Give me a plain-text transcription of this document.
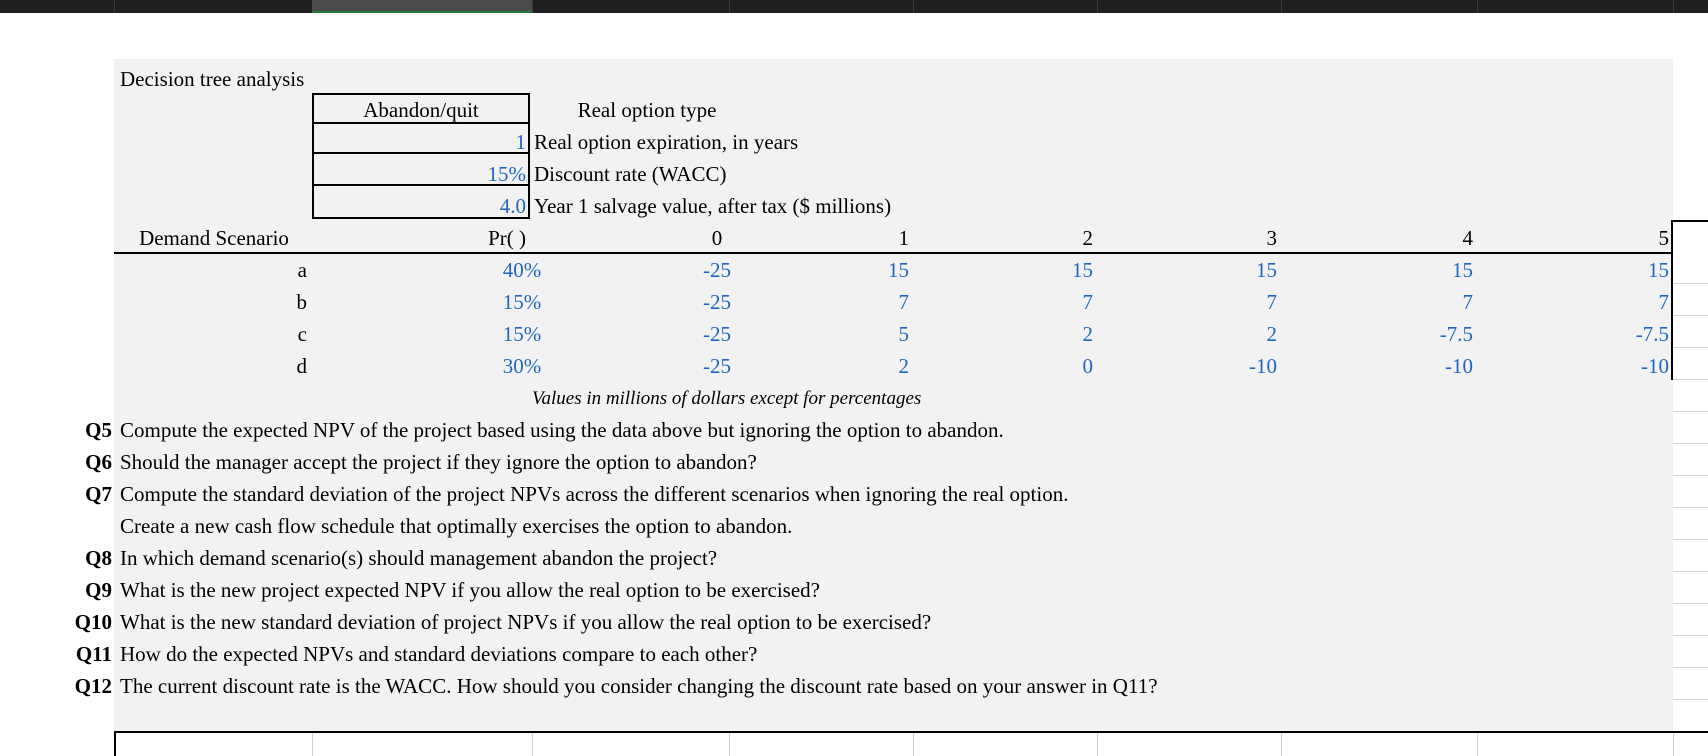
Decision tree analysis
Abandon/quit	Real option type
1 Real option expiration, in years
15% Discount rate (WACC)
4.0 Year 1 salvage value, after tax ($ millions)
Demand Scenario	Pr( )	0	1	2	3	4	5
a	40%	-25	15	15	15	15	15
b	15%	-25	7	7	7	7	7
c	15%	-25	5	2	2	-7.5	-7.5
d	30%	-25	2	0	-10	-10	-10
Values in millions of dollars except for percentages
Q5 Compute the expected NPV of the project based using the data above but ignoring the option to abandon.
Q6 Should the manager accept the project if they ignore the option to abandon?
Q7 Compute the standard deviation of the project NPVs across the different scenarios when ignoring the real option.
Create a new cash flow schedule that optimally exercises the option to abandon.
Q8 In which demand scenario(s) should management abandon the project?
Q9 What is the new project expected NPV if you allow the real option to be exercised?
Q10 What is the new standard deviation of project NPVs if you allow the real option to be exercised?
Q11 How do the expected NPVs and standard deviations compare to each other?
Q12 The current discount rate is the WACC. How should you consider changing the discount rate based on your answer in Q11?
